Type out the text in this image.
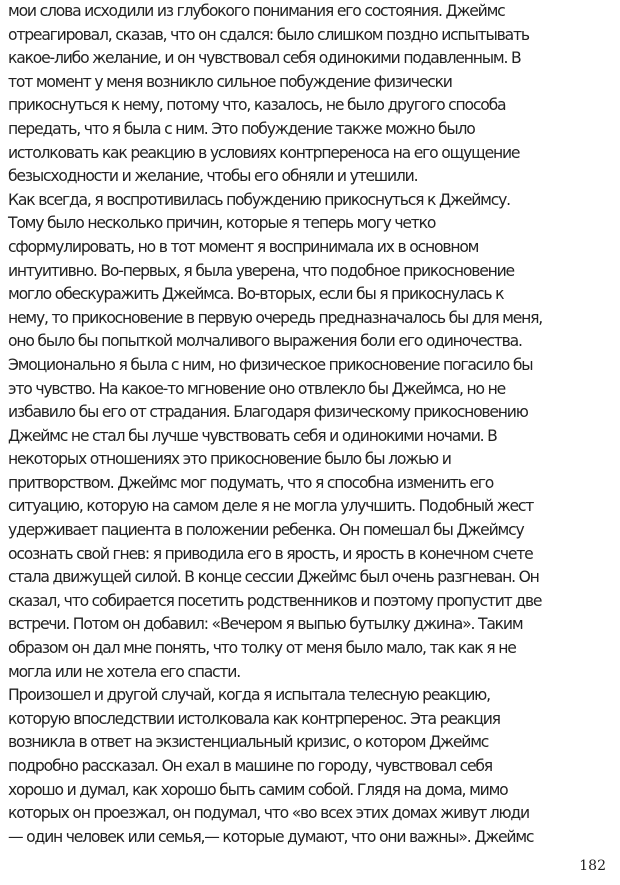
мои слова исходили из глубокого понимания его состояния. Джеймс
отреагировал, сказав, что он сдался: было слишком поздно испытывать
какое-либо желание, и он чувствовал себя одинокими подавленным. В
тот момент у меня возникло сильное побуждение физически
прикоснуться к нему, потому что, казалось, не было другого способа
передать, что я была с ним. Это побуждение также можно было
истолковать как реакцию в условиях контрпереноса на его ощущение
безысходности и желание, чтобы его обняли и утешили.
Как всегда, я воспротивилась побуждению прикоснуться к Джеймсу.
Тому было несколько причин, которые я теперь могу четко
сформулировать, но в тот момент я воспринимала их в основном
интуитивно. Во-первых, я была уверена, что подобное прикосновение
могло обескуражить Джеймса. Во-вторых, если бы я прикоснулась к
нему, то прикосновение в первую очередь предназначалось бы для меня,
оно было бы попыткой молчаливого выражения боли его одиночества.
Эмоционально я была с ним, но физическое прикосновение погасило бы
это чувство. На какое-то мгновение оно отвлекло бы Джеймса, но не
избавило бы его от страдания. Благодаря физическому прикосновению
Джеймс не стал бы лучше чувствовать себя и одинокими ночами. В
некоторых отношениях это прикосновение было бы ложью и
притворством. Джеймс мог подумать, что я способна изменить его
ситуацию, которую на самом деле я не могла улучшить. Подобный жест
удерживает пациента в положении ребенка. Он помешал бы Джеймсу
осознать свой гнев: я приводила его в ярость, и ярость в конечном счете
стала движущей силой. В конце сессии Джеймс был очень разгневан. Он
сказал, что собирается посетить родственников и поэтому пропустит две
встречи. Потом он добавил: «Вечером я выпью бутылку джина». Таким
образом он дал мне понять, что толку от меня было мало, так как я не
могла или не хотела его спасти.
Произошел и другой случай, когда я испытала телесную реакцию,
которую впоследствии истолковала как контрперенос. Эта реакция
возникла в ответ на экзистенциальный кризис, о котором Джеймс
подробно рассказал. Он ехал в машине по городу, чувствовал себя
хорошо и думал, как хорошо быть самим собой. Глядя на дома, мимо
которых он проезжал, он подумал, что «во всех этих домах живут люди
— один человек или семья,— которые думают, что они важны». Джеймс
182
